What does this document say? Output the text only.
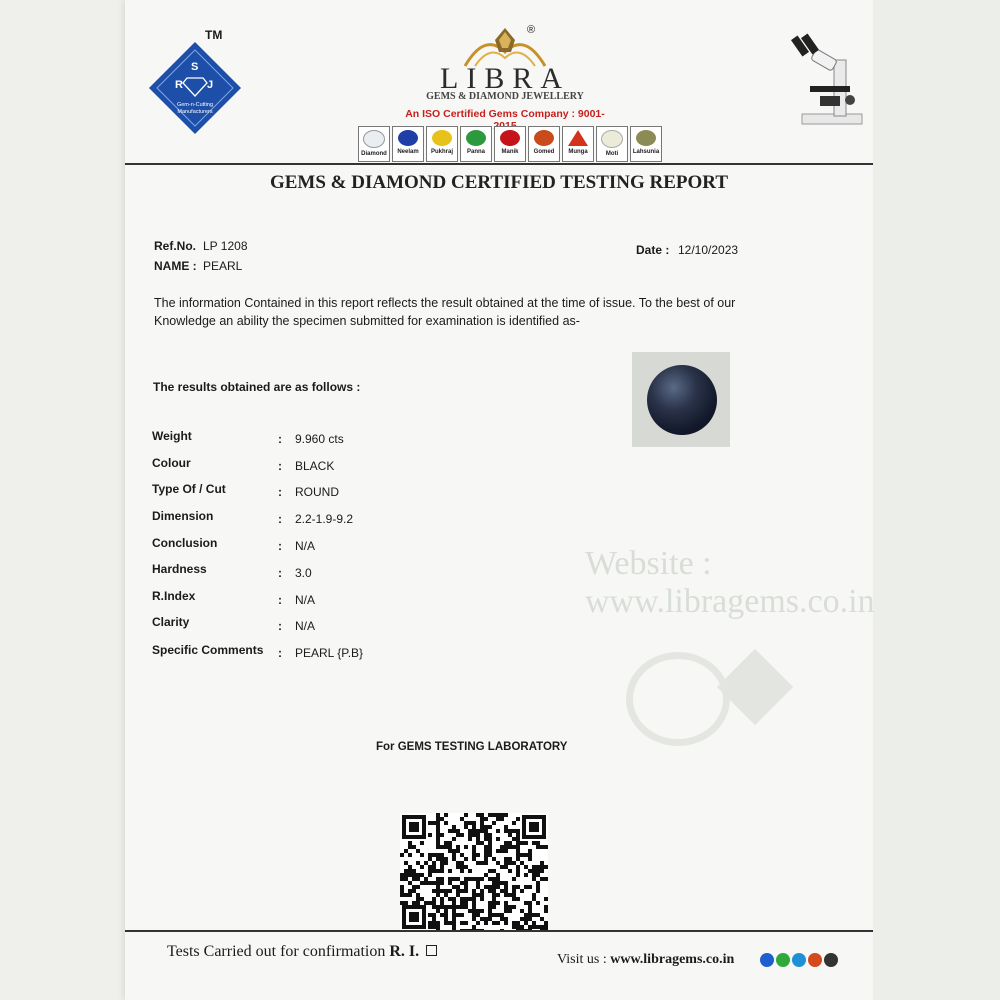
Website : www.libragems.co.in
S
R J
Gem-n-Cutting
Manufacturers
TM	®
LIBRA
GEMS & DIAMOND JEWELLERY
An ISO Certified Gems Company : 9001-
Diamond Neelam Pukhraj Panna	Manik	Gomed Munga	Moti Lahsunia
GEMS & DIAMOND CERTIFIED TESTING REPORT
Ref.No. LP 1208
NAME : PEARL
Date : 12/10/2023
The information Contained in this report reflects the result obtained at the time of issue. To the best of our Knowledge an ability the specimen submitted for examination is identified as-
The results obtained are as follows :
Weight	: 9.960 cts
Colour	: BLACK
Type Of / Cut	: ROUND
Dimension	: 2.2-1.9-9.2
Conclusion	: N/A
Hardness	: 3.0
R.Index	: N/A
Clarity	: N/A
Specific Comments : PEARL {P.B}
For GEMS TESTING LABORATORY
Tests Carried out for confirmation R. I.	Visit us : www.libragems.co.in
